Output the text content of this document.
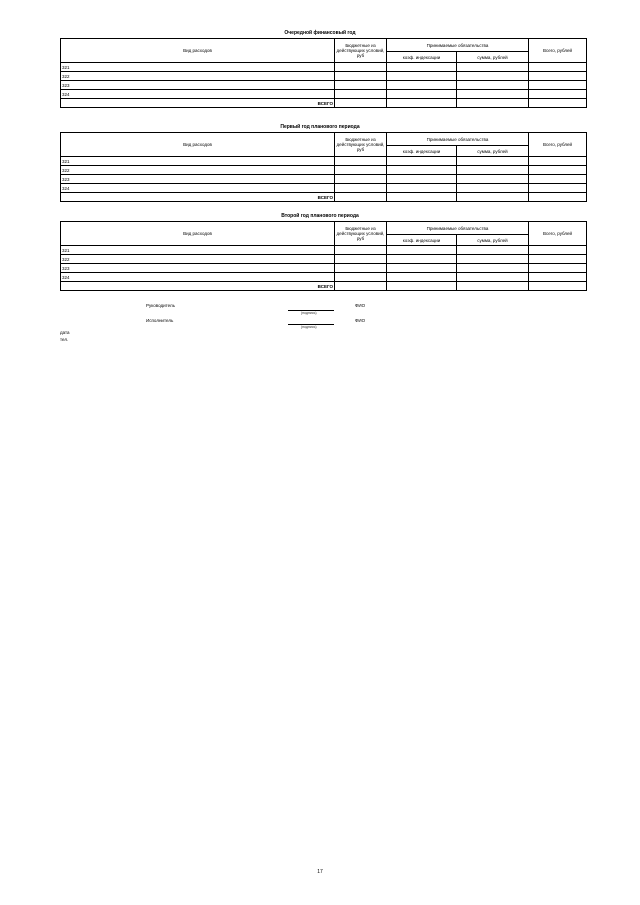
Очередной финансовый год
Вид расходов	Бюджетные из действующих условий, руб	Принимаемые обязательства		Всего, рублей
		коэф. индексации	сумма, рублей	
321				
322				
323				
324				
ВСЕГО				
Первый год планового периода
Вид расходов	Бюджетные из действующих условий, руб	Принимаемые обязательства		Всего, рублей
		коэф. индексации	сумма, рублей	
321				
322				
323				
324				
ВСЕГО				
Второй год планового периода
Вид расходов	Бюджетные из действующих условий, руб	Принимаемые обязательства		Всего, рублей
		коэф. индексации	сумма, рублей	
321				
322				
323				
324				
ВСЕГО				
Руководитель
(подпись)
ФИО
Исполнитель
(подпись)
ФИО
дата
тел.
17
